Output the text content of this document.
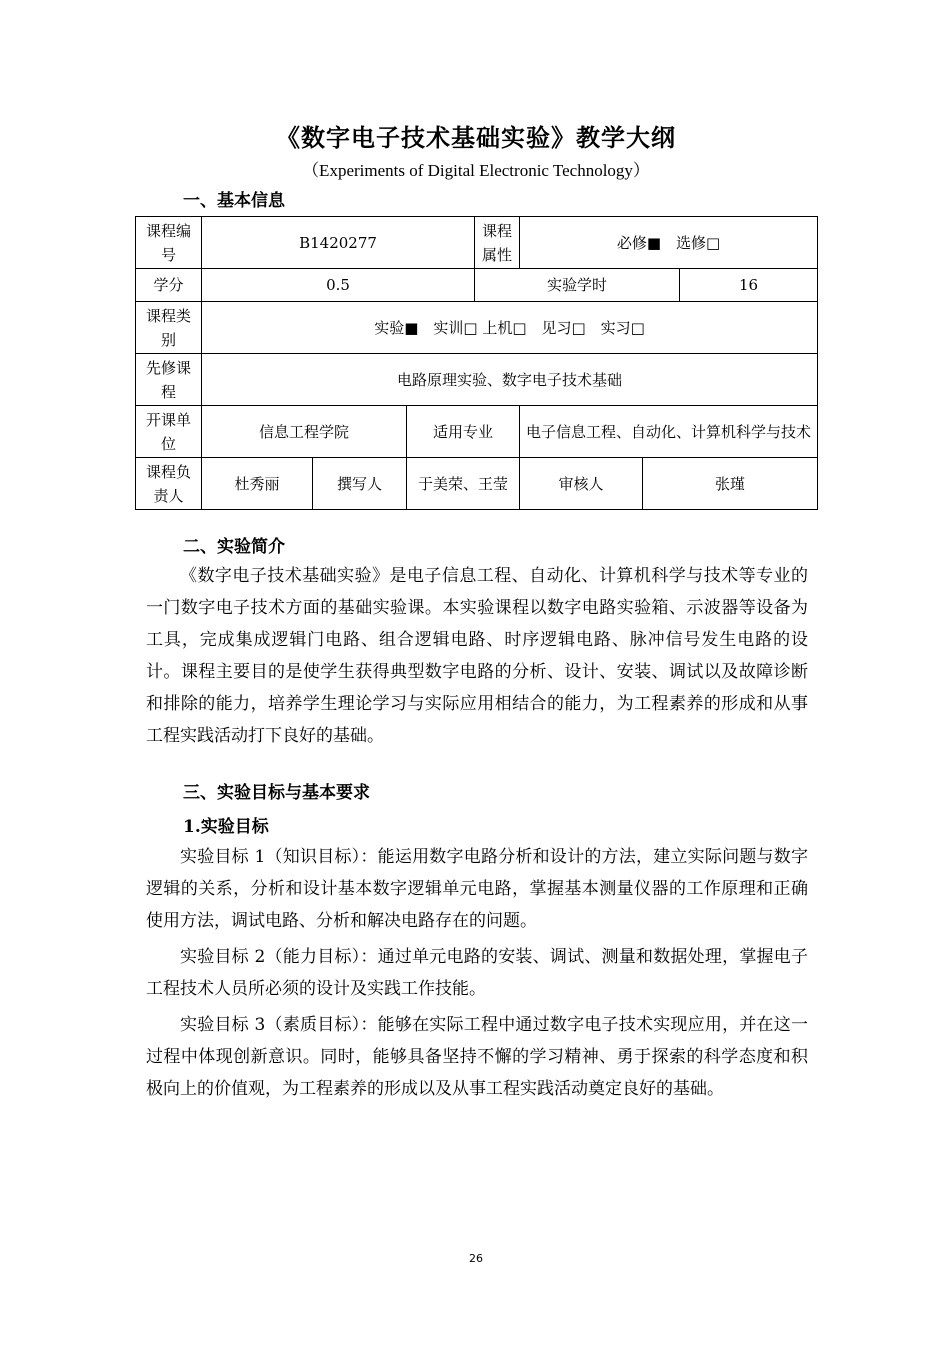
《数字电子技术基础实验》教学大纲
（Experiments of Digital Electronic Technology）
一、基本信息
课程编号	B1420277			课程属性	必修■　选修□		
学分	0.5			实验学时			16
课程类别	实验■　实训□ 上机□　见习□　实习□						
先修课程	电路原理实验、数字电子技术基础						
开课单位	信息工程学院		适用专业		电子信息工程、自动化、计算机科学与技术		
课程负责人	杜秀丽	撰写人	于美荣、王莹		审核人	张瑾	
二、实验简介

《数字电子技术基础实验》是电子信息工程、自动化、计算机科学与技术等专业的一门数字电子技术方面的基础实验课。本实验课程以数字电路实验箱、示波器等设备为工具，完成集成逻辑门电路、组合逻辑电路、时序逻辑电路、脉冲信号发生电路的设计。课程主要目的是使学生获得典型数字电路的分析、设计、安装、调试以及故障诊断和排除的能力，培养学生理论学习与实际应用相结合的能力，为工程素养的形成和从事工程实践活动打下良好的基础。

三、实验目标与基本要求
1.实验目标

实验目标 1（知识目标）：能运用数字电路分析和设计的方法，建立实际问题与数字逻辑的关系，分析和设计基本数字逻辑单元电路，掌握基本测量仪器的工作原理和正确使用方法，调试电路、分析和解决电路存在的问题。

实验目标 2（能力目标）：通过单元电路的安装、调试、测量和数据处理，掌握电子工程技术人员所必须的设计及实践工作技能。

实验目标 3（素质目标）：能够在实际工程中通过数字电子技术实现应用，并在这一过程中体现创新意识。同时，能够具备坚持不懈的学习精神、勇于探索的科学态度和积极向上的价值观，为工程素养的形成以及从事工程实践活动奠定良好的基础。

26
